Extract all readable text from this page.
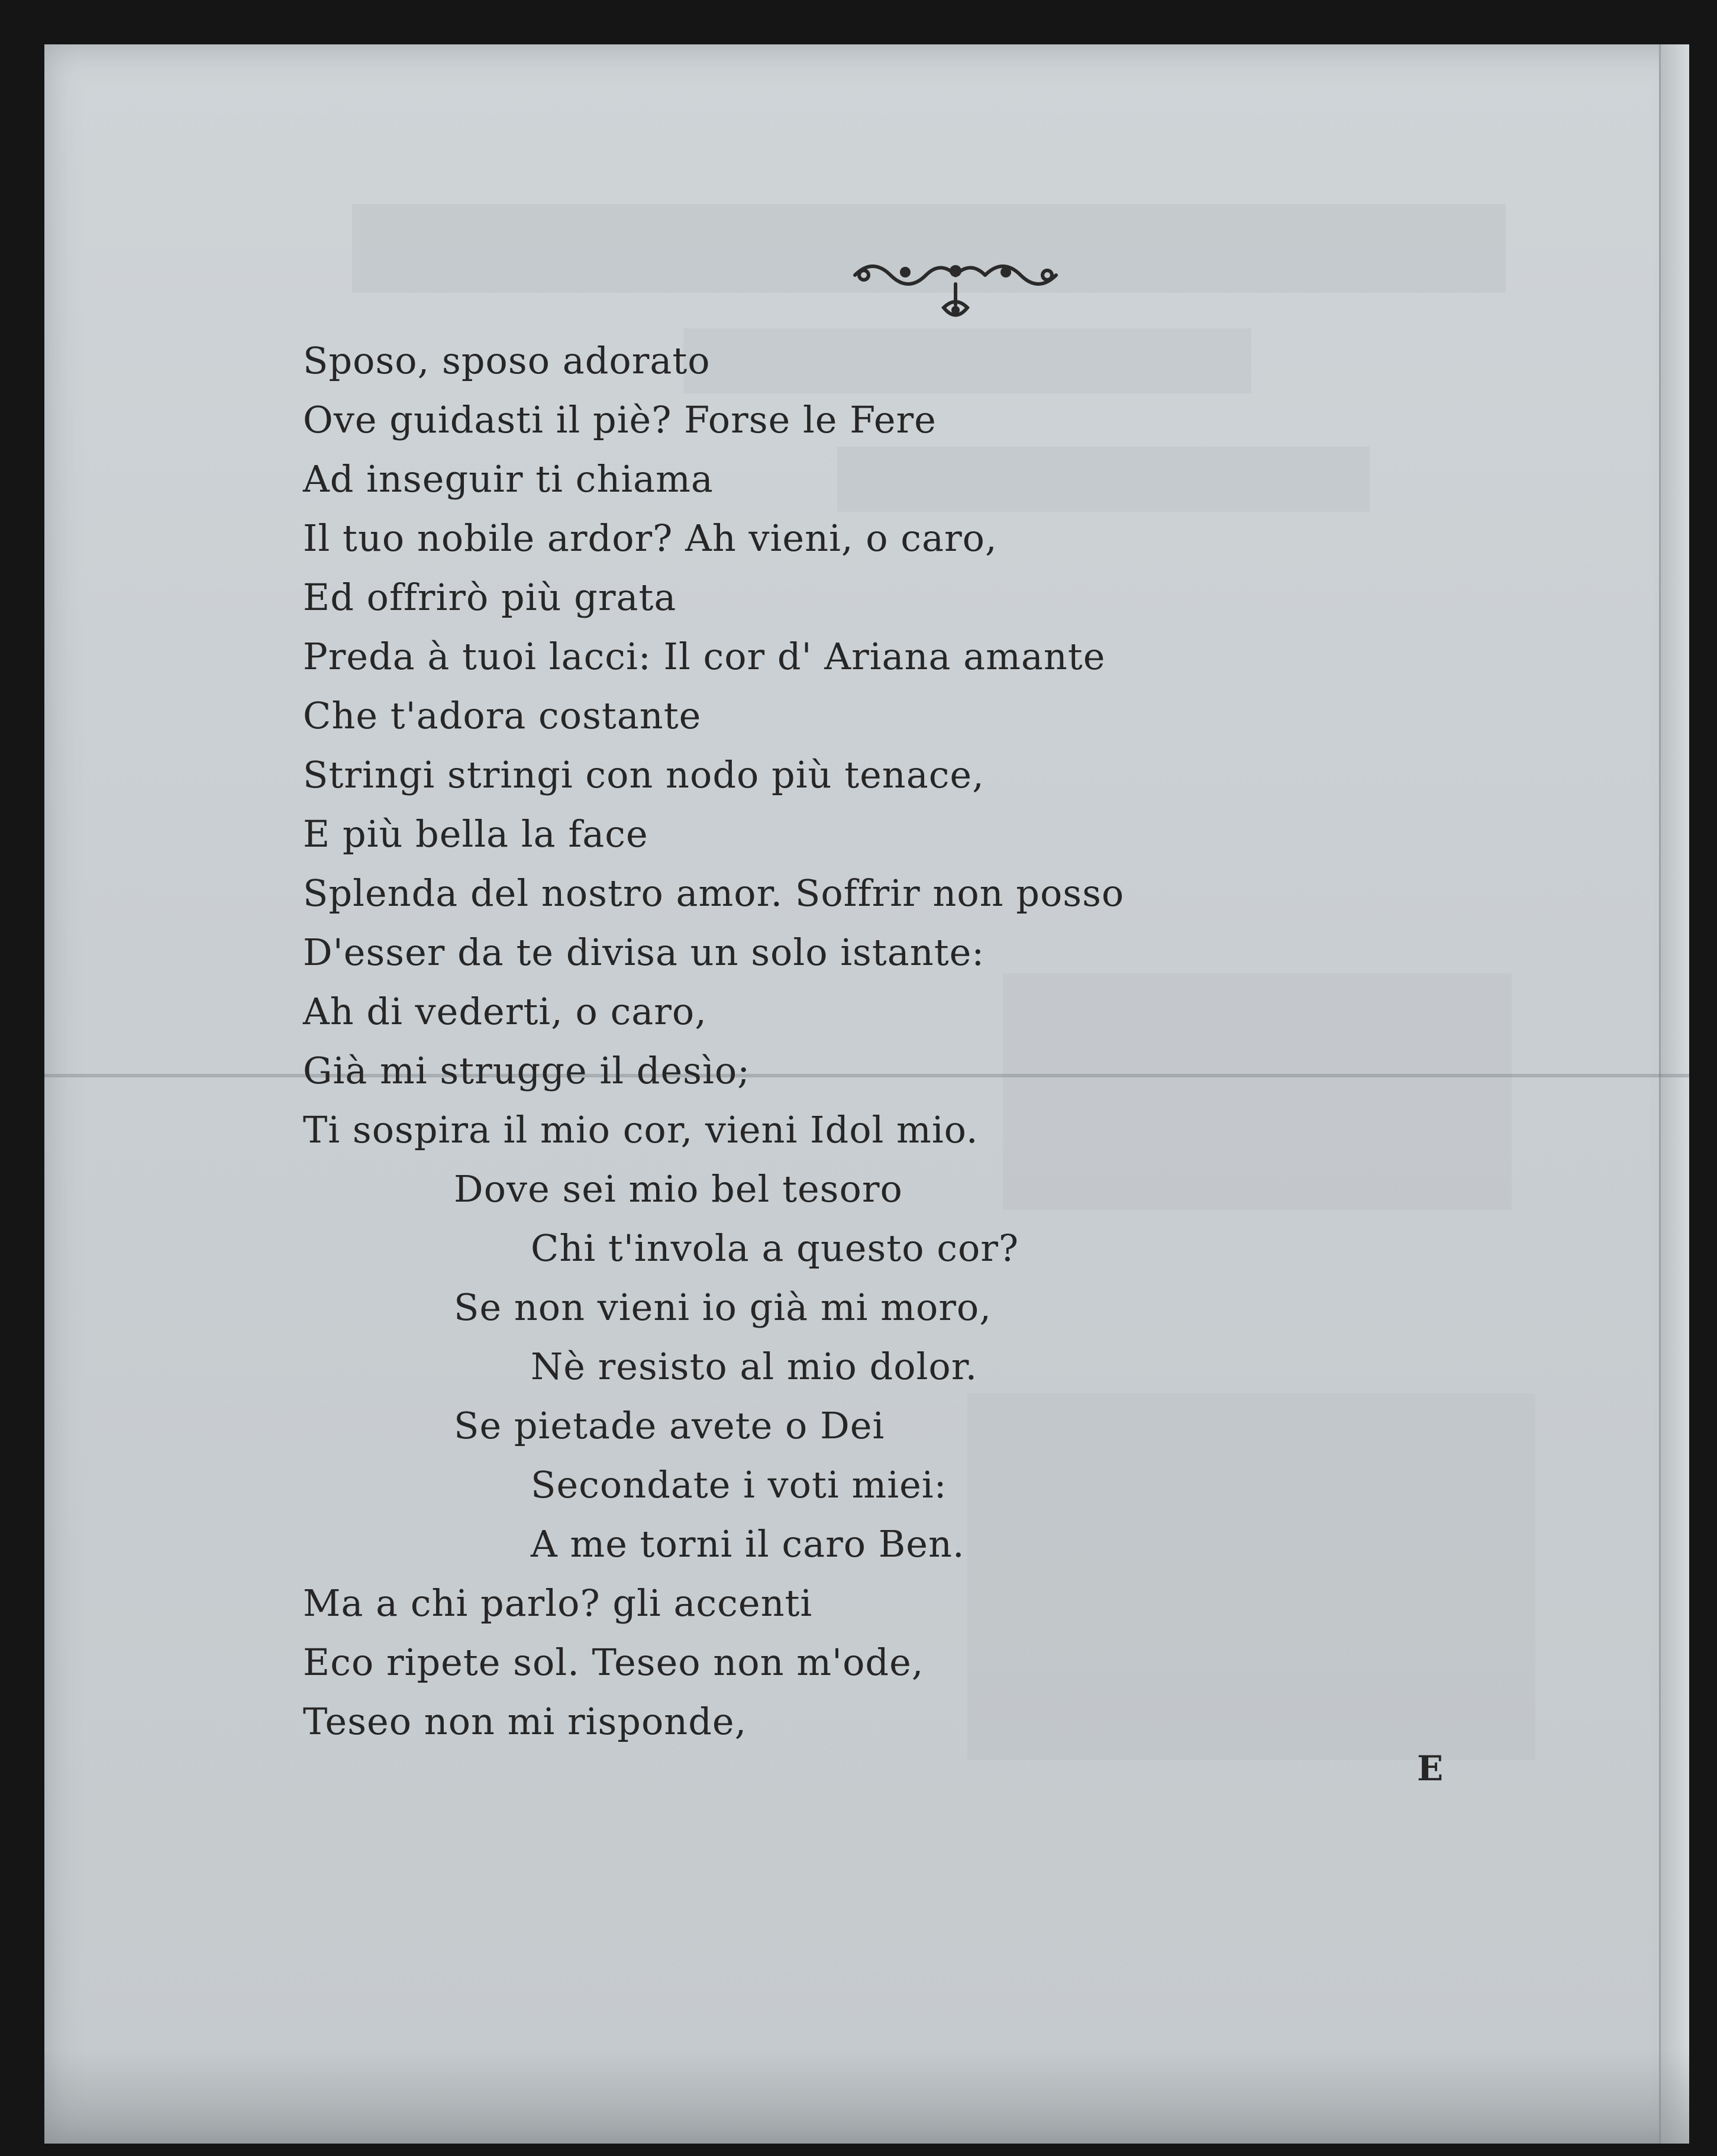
Sposo, sposo adorato
Ove guidasti il piè? Forse le Fere
Ad inseguir ti chiama
Il tuo nobile ardor? Ah vieni, o caro,
Ed offrirò più grata
Preda à tuoi lacci: Il cor d' Ariana amante
Che t'adora costante
Stringi stringi con nodo più tenace,
E più bella la face
Splenda del nostro amor. Soffrir non posso
D'esser da te divisa un solo istante:
Ah di vederti, o caro,
Già mi strugge il desìo;
Ti sospira il mio cor, vieni Idol mio.
Dove sei mio bel tesoro
Chi t'invola a questo cor?
Se non vieni io già mi moro,
Nè resisto al mio dolor.
Se pietade avete o Dei
Secondate i voti miei:
A me torni il caro Ben.
Ma a chi parlo? gli accenti
Eco ripete sol. Teseo non m'ode,
Teseo non mi risponde,
E
